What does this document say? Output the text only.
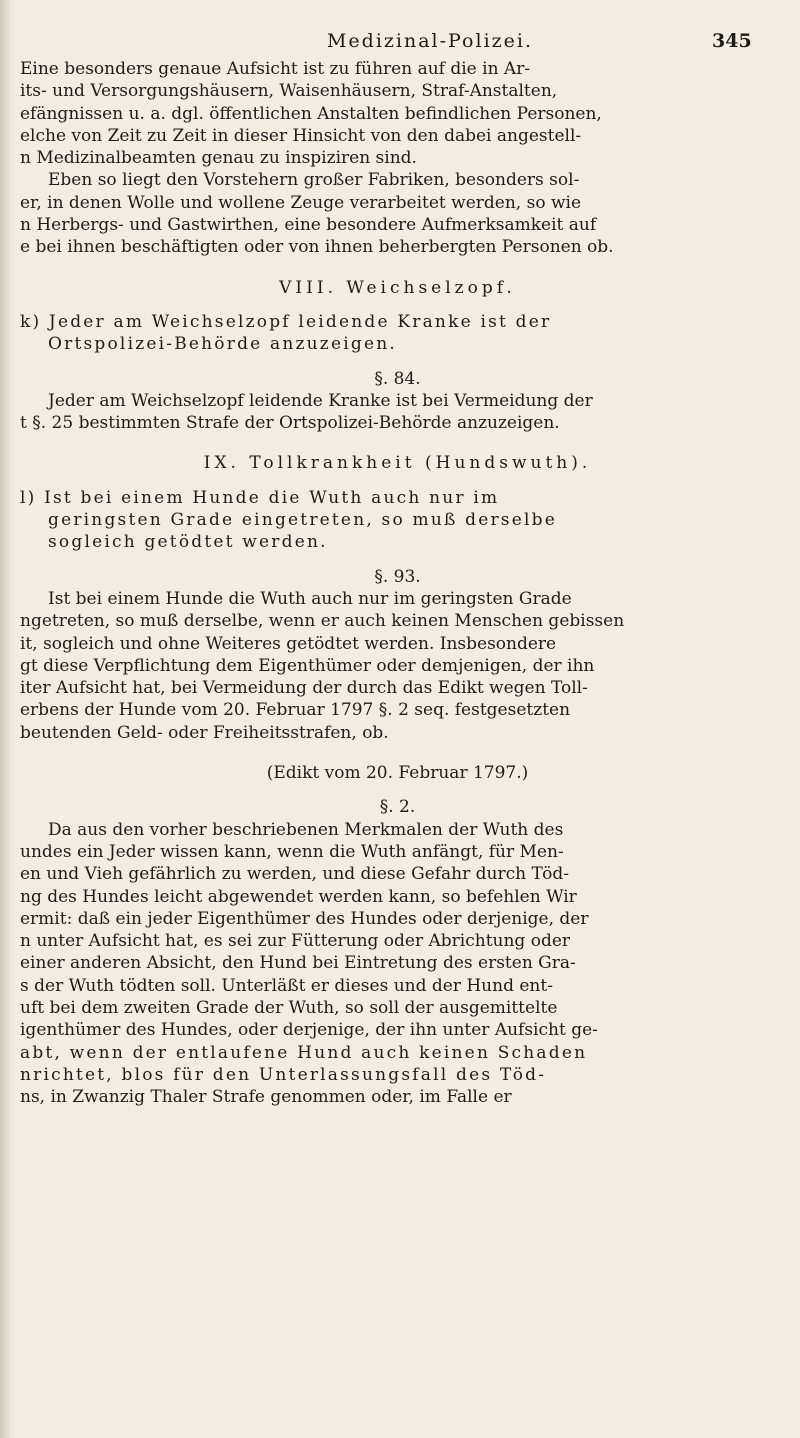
Medizinal-Polizei.	345
Eine besonders genaue Aufsicht ist zu führen auf die in Ar-
its- und Versorgungshäusern, Waisenhäusern, Straf-Anstalten,
efängnissen u. a. dgl. öffentlichen Anstalten befindlichen Personen,
elche von Zeit zu Zeit in dieser Hinsicht von den dabei angestell-
n Medizinalbeamten genau zu inspiziren sind.
Eben so liegt den Vorstehern großer Fabriken, besonders sol-
er, in denen Wolle und wollene Zeuge verarbeitet werden, so wie
n Herbergs- und Gastwirthen, eine besondere Aufmerksamkeit auf
e bei ihnen beschäftigten oder von ihnen beherbergten Personen ob.
VIII. Weichselzopf.
k) Jeder am Weichselzopf leidende Kranke ist der
Ortspolizei-Behörde anzuzeigen.
§. 84.
Jeder am Weichselzopf leidende Kranke ist bei Vermeidung der
t §. 25 bestimmten Strafe der Ortspolizei-Behörde anzuzeigen.
IX. Tollkrankheit (Hundswuth).
l) Ist bei einem Hunde die Wuth auch nur im
geringsten Grade eingetreten, so muß derselbe
sogleich getödtet werden.
§. 93.
Ist bei einem Hunde die Wuth auch nur im geringsten Grade
ngetreten, so muß derselbe, wenn er auch keinen Menschen gebissen
it, sogleich und ohne Weiteres getödtet werden. Insbesondere
gt diese Verpflichtung dem Eigenthümer oder demjenigen, der ihn
iter Aufsicht hat, bei Vermeidung der durch das Edikt wegen Toll-
erbens der Hunde vom 20. Februar 1797 §. 2 seq. festgesetzten
beutenden Geld- oder Freiheitsstrafen, ob.
(Edikt vom 20. Februar 1797.)
§. 2.
Da aus den vorher beschriebenen Merkmalen der Wuth des
undes ein Jeder wissen kann, wenn die Wuth anfängt, für Men-
en und Vieh gefährlich zu werden, und diese Gefahr durch Töd-
ng des Hundes leicht abgewendet werden kann, so befehlen Wir
ermit: daß ein jeder Eigenthümer des Hundes oder derjenige, der
n unter Aufsicht hat, es sei zur Fütterung oder Abrichtung oder
einer anderen Absicht, den Hund bei Eintretung des ersten Gra-
s der Wuth tödten soll. Unterläßt er dieses und der Hund ent-
uft bei dem zweiten Grade der Wuth, so soll der ausgemittelte
igenthümer des Hundes, oder derjenige, der ihn unter Aufsicht ge-
abt, wenn der entlaufene Hund auch keinen Schaden
nrichtet, blos für den Unterlassungsfall des Töd-
ns, in Zwanzig Thaler Strafe genommen oder, im Falle er
